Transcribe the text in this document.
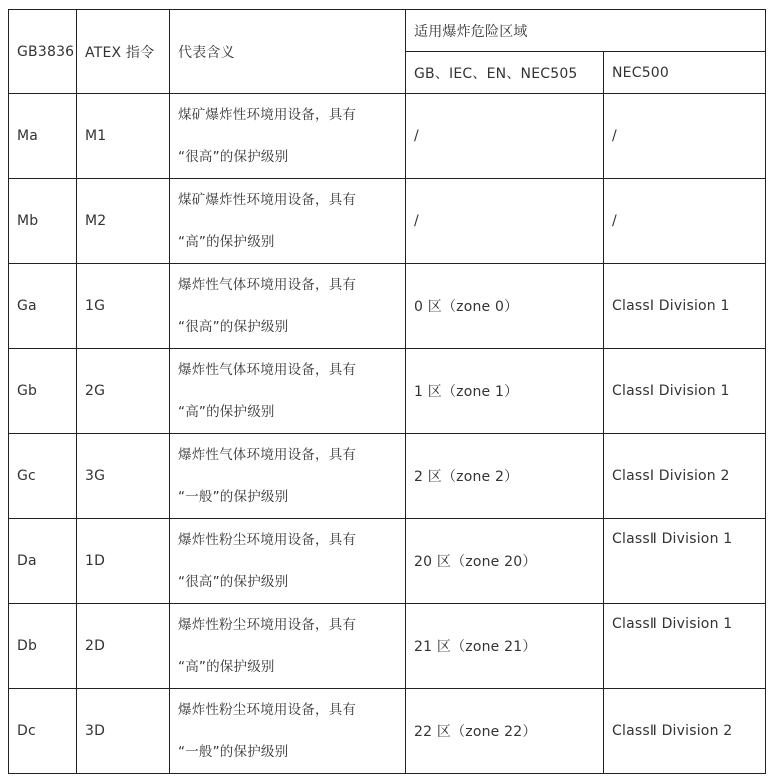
GB3836	ATEX 指令	代表含义	适用爆炸危险区域	
			GB、IEC、EN、NEC505	NEC500
Ma	M1	煤矿爆炸性环境用设备，具有
“很高”的保护级别	/	/
Mb	M2	煤矿爆炸性环境用设备，具有
“高”的保护级别	/	/
Ga	1G	爆炸性气体环境用设备，具有
“很高”的保护级别	0 区（zone 0）	ClassⅠ Division 1
Gb	2G	爆炸性气体环境用设备，具有
“高”的保护级别	1 区（zone 1）	ClassⅠ Division 1
Gc	3G	爆炸性气体环境用设备，具有
“一般”的保护级别	2 区（zone 2）	ClassⅠ Division 2
Da	1D	爆炸性粉尘环境用设备，具有
“很高”的保护级别	20 区（zone 20）	ClassⅡ Division 1
Db	2D	爆炸性粉尘环境用设备，具有
“高”的保护级别	21 区（zone 21）	ClassⅡ Division 1
Dc	3D	爆炸性粉尘环境用设备，具有
“一般”的保护级别	22 区（zone 22）	ClassⅡ Division 2
